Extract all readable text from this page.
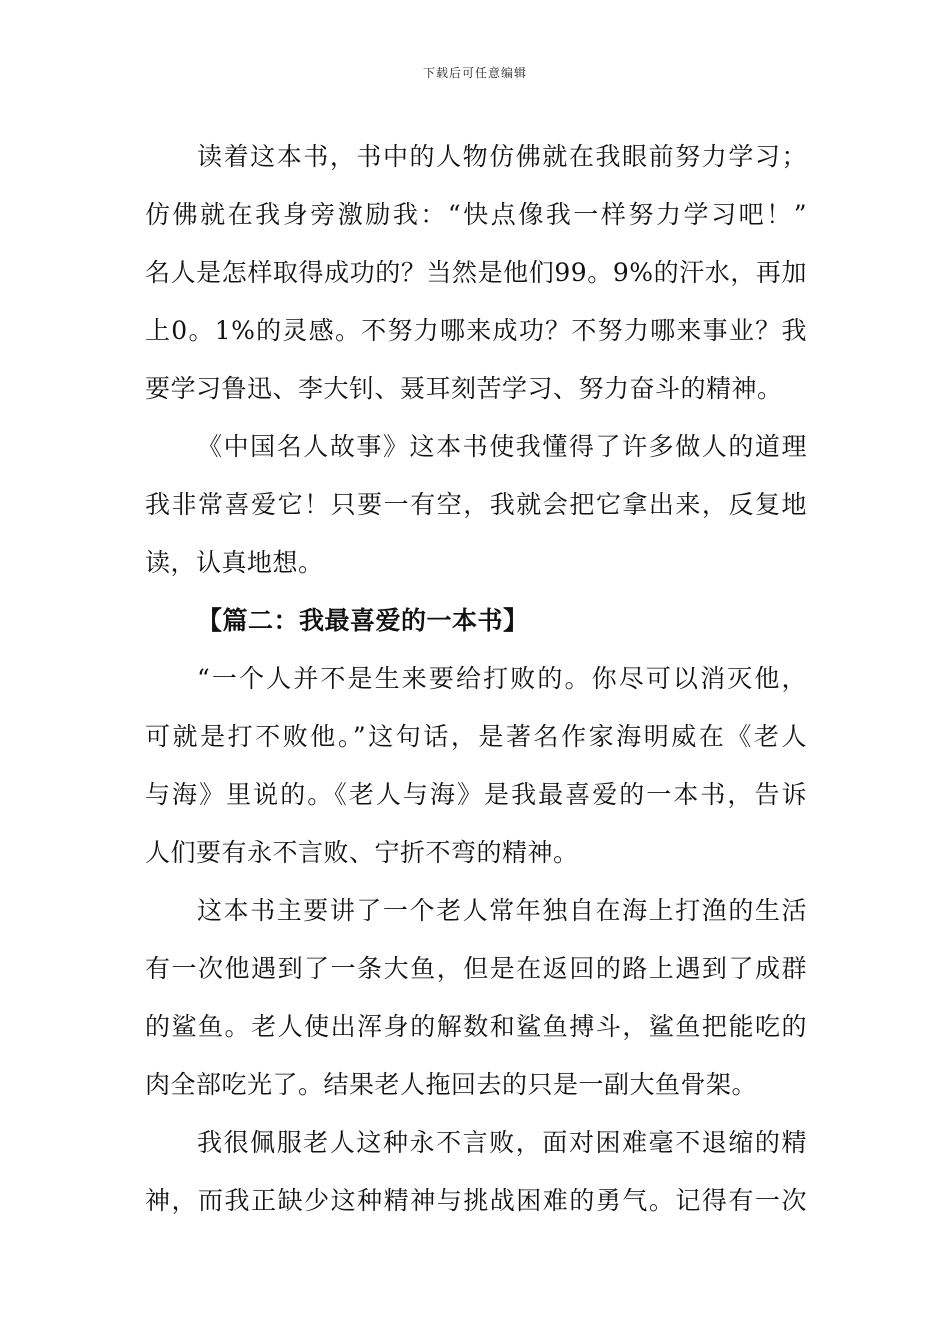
下载后可任意编辑
读着这本书，书中的人物仿佛就在我眼前努力学习；
仿佛就在我身旁激励我：“快点像我一样努力学习吧！”
名人是怎样取得成功的？当然是他们99。9%的汗水，再加
上0。1%的灵感。不努力哪来成功？不努力哪来事业？我
要学习鲁迅、李大钊、聂耳刻苦学习、努力奋斗的精神。
《中国名人故事》这本书使我懂得了许多做人的道理
我非常喜爱它！只要一有空，我就会把它拿出来，反复地
读，认真地想。
【篇二：我最喜爱的一本书】
“一个人并不是生来要给打败的。你尽可以消灭他，
可就是打不败他。”这句话，是著名作家海明威在《老人
与海》里说的。《老人与海》是我最喜爱的一本书，告诉
人们要有永不言败、宁折不弯的精神。
这本书主要讲了一个老人常年独自在海上打渔的生活
有一次他遇到了一条大鱼，但是在返回的路上遇到了成群
的鲨鱼。老人使出浑身的解数和鲨鱼搏斗，鲨鱼把能吃的
肉全部吃光了。结果老人拖回去的只是一副大鱼骨架。
我很佩服老人这种永不言败，面对困难毫不退缩的精
神，而我正缺少这种精神与挑战困难的勇气。记得有一次
